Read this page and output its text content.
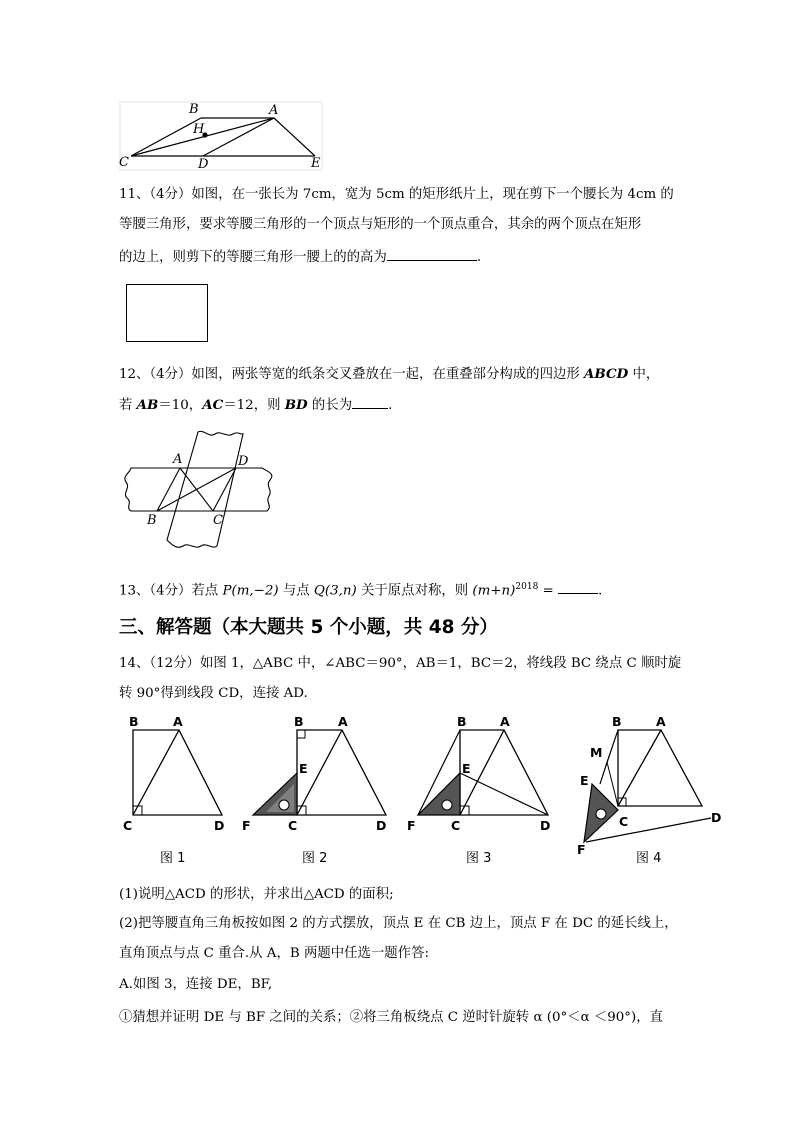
B	A
H
C	D	E
11、（4分）如图，在一张长为 7cm，宽为 5cm 的矩形纸片上，现在剪下一个腰长为 4cm 的
等腰三角形，要求等腰三角形的一个顶点与矩形的一个顶点重合，其余的两个顶点在矩形
的边上，则剪下的等腰三角形一腰上的的高为	.
12、（4分）如图，两张等宽的纸条交叉叠放在一起，在重叠部分构成的四边形 ABCD 中，
若 AB＝10，AC＝12，则 BD 的长为	.
A	D
B	C
13、（4分）若点 P(m,−2) 与点 Q(3,n) 关于原点对称，则 $(m+n)^{2018}$ =	.
三、解答题（本大题共 5 个小题，共 48 分）
14、（12分）如图 1，△ABC 中，∠ABC＝90°，AB＝1，BC＝2，将线段 BC 绕点 C 顺时旋
转 90°得到线段 CD，连接 AD.
B	A
C	D
B	A
E
F	C	D
B	A
E
F	C	D
B	A
M
E
C	D
F
图 1	图 2	图 3	图 4
(1)说明△ACD 的形状，并求出△ACD 的面积;
(2)把等腰直角三角板按如图 2 的方式摆放，顶点 E 在 CB 边上，顶点 F 在 DC 的延长线上，
直角顶点与点 C 重合.从 A，B 两题中任选一题作答:
A.如图 3，连接 DE，BF,
①猜想并证明 DE 与 BF 之间的关系；②将三角板绕点 C 逆时针旋转 α (0°＜α ＜90°)，直
